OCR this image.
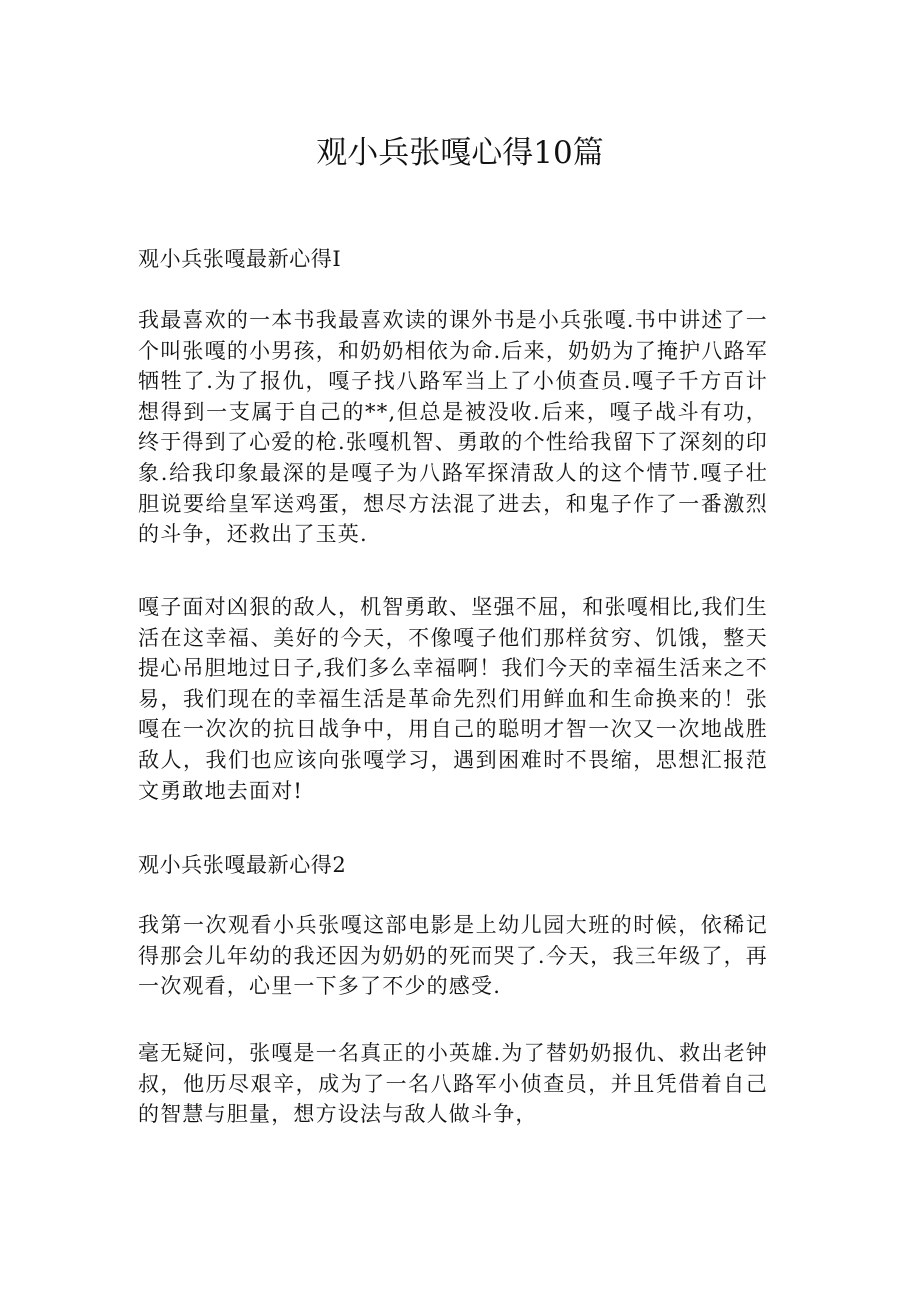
观小兵张嘎心得10篇

观小兵张嘎最新心得I

我最喜欢的一本书我最喜欢读的课外书是小兵张嘎.书中讲述了一个叫张嘎的小男孩，和奶奶相依为命.后来，奶奶为了掩护八路军牺牲了.为了报仇，嘎子找八路军当上了小侦查员.嘎子千方百计想得到一支属于自己的**,但总是被没收.后来，嘎子战斗有功，终于得到了心爱的枪.张嘎机智、勇敢的个性给我留下了深刻的印象.给我印象最深的是嘎子为八路军探清敌人的这个情节.嘎子壮胆说要给皇军送鸡蛋，想尽方法混了进去，和鬼子作了一番激烈的斗争，还救出了玉英.

嘎子面对凶狠的敌人，机智勇敢、坚强不屈，和张嘎相比,我们生活在这幸福、美好的今天，不像嘎子他们那样贫穷、饥饿，整天提心吊胆地过日子,我们多么幸福啊！我们今天的幸福生活来之不易，我们现在的幸福生活是革命先烈们用鲜血和生命换来的！张嘎在一次次的抗日战争中，用自己的聪明才智一次又一次地战胜敌人，我们也应该向张嘎学习，遇到困难时不畏缩，思想汇报范文勇敢地去面对!

观小兵张嘎最新心得2

我第一次观看小兵张嘎这部电影是上幼儿园大班的时候，依稀记得那会儿年幼的我还因为奶奶的死而哭了.今天，我三年级了，再一次观看，心里一下多了不少的感受.

毫无疑问，张嘎是一名真正的小英雄.为了替奶奶报仇、救出老钟叔，他历尽艰辛，成为了一名八路军小侦查员，并且凭借着自己的智慧与胆量，想方设法与敌人做斗争，
